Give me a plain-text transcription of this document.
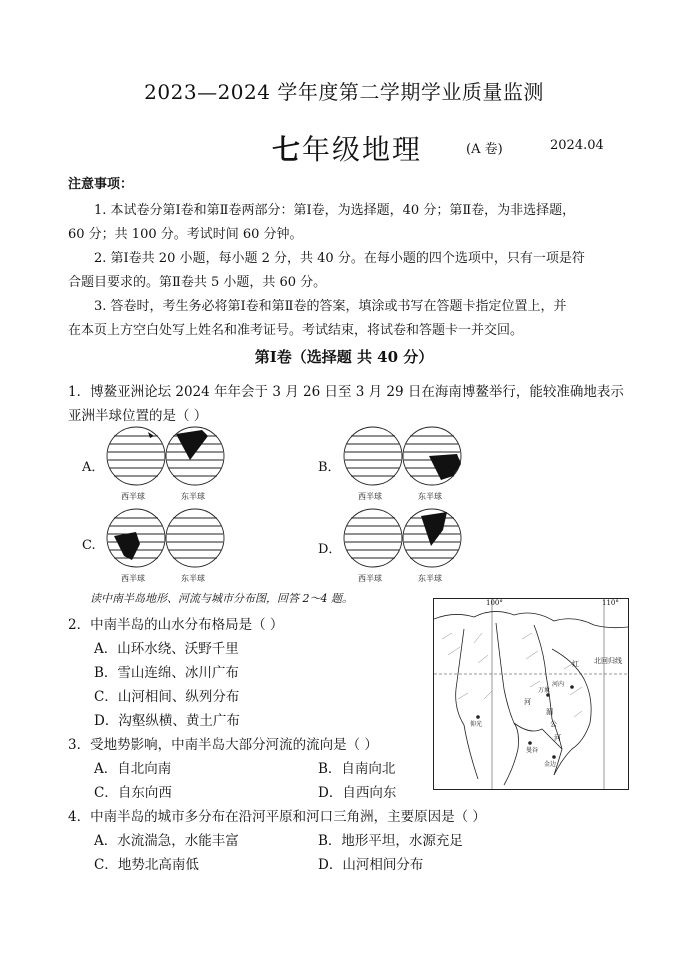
2023—2024 学年度第二学期学业质量监测
七年级地理	(A 卷)	2024.04
注意事项：
1. 本试卷分第Ⅰ卷和第Ⅱ卷两部分：第Ⅰ卷，为选择题，40 分；第Ⅱ卷，为非选择题，
60 分；共 100 分。考试时间 60 分钟。
2. 第Ⅰ卷共 20 小题，每小题 2 分，共 40 分。在每小题的四个选项中，只有一项是符
合题目要求的。第Ⅱ卷共 5 小题，共 60 分。
3. 答卷时，考生务必将第Ⅰ卷和第Ⅱ卷的答案，填涂或书写在答题卡指定位置上，并
在本页上方空白处写上姓名和准考证号。考试结束，将试卷和答题卡一并交回。
第Ⅰ卷（选择题 共 40 分）
1．博鳌亚洲论坛 2024 年年会于 3 月 26 日至 3 月 29 日在海南博鳌举行，能较准确地表示
亚洲半球位置的是（ ）
A．	B．
C.	D．
西半球	东半球	西半球	东半球
西半球	东半球	西半球	东半球
读中南半岛地形、河流与城市分布图，回答 2～4 题。	100°	110°
北回归线
河内
万象
曼谷
金边
仰光
红
湄
公
河
河
2．中南半岛的山水分布格局是（ ）
A．山环水绕、沃野千里
B．雪山连绵、冰川广布
C．山河相间、纵列分布
D．沟壑纵横、黄土广布
3．受地势影响，中南半岛大部分河流的流向是（ ）
A．自北向南	B．自南向北
C．自东向西	D．自西向东
4．中南半岛的城市多分布在沿河平原和河口三角洲，主要原因是（ ）
A．水流湍急，水能丰富	B．地形平坦，水源充足
C．地势北高南低	D．山河相间分布
